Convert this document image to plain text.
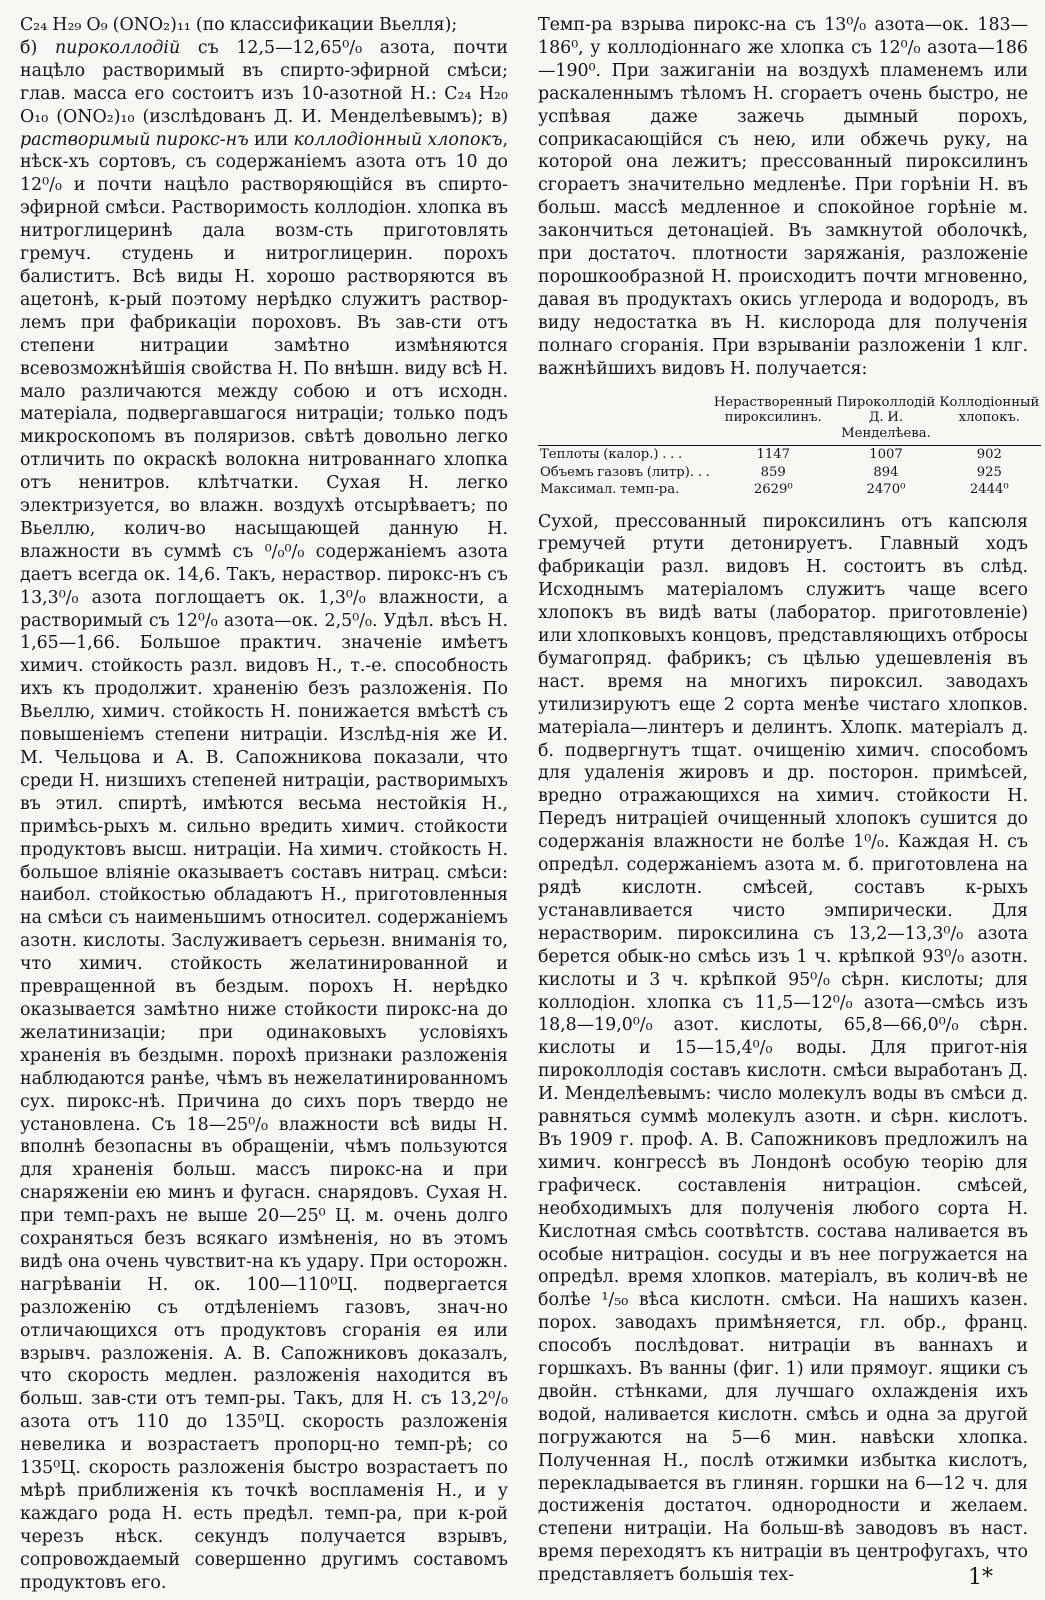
С₂₄ Н₂₉ О₉ (ONO₂)₁₁ (по классификации Вьелля);

б) пироколлодій съ 12,5—12,65⁰/₀ азота, почти нацѣло растворимый въ спирто-эфирной смѣси; глав. масса его состоитъ изъ 10-азотной Н.: С₂₄ Н₂₀ О₁₀ (ONO₂)₁₀ (изслѣдованъ Д. И. Менделѣевымъ); в) растворимый пирокс-нъ или коллодіонный хлопокъ, нѣск-хъ сортовъ, съ содержаніемъ азота отъ 10 до 12⁰/₀ и почти нацѣло растворяющійся въ спирто-эфирной смѣси. Растворимость коллодіон. хлопка въ нитроглицеринѣ дала возм-сть приготовлять гремуч. студень и нитроглицерин. порохъ балиститъ. Всѣ виды Н. хорошо растворяются въ ацетонѣ, к-рый поэтому нерѣдко служитъ раствор-лемъ при фабрикаціи пороховъ. Въ зав-сти отъ степени нитрации замѣтно измѣняются всевозможнѣйшія свойства Н. По внѣшн. виду всѣ Н. мало различаются между собою и отъ исходн. матеріала, подвергавшагося нитраціи; только подъ микроскопомъ въ поляризов. свѣтѣ довольно легко отличить по окраскѣ волокна нитрованнаго хлопка отъ ненитров. клѣтчатки. Сухая Н. легко электризуется, во влажн. воздухѣ отсырѣваетъ; по Вьеллю, колич-во насыщающей данную Н. влажности въ суммѣ съ ⁰/₀⁰/₀ содержаніемъ азота даетъ всегда ок. 14,6. Такъ, нераствор. пирокс-нъ съ 13,3⁰/₀ азота поглощаетъ ок. 1,3⁰/₀ влажности, а растворимый съ 12⁰/₀ азота—ок. 2,5⁰/₀. Удѣл. вѣсъ Н. 1,65—1,66. Большое практич. значеніе имѣетъ химич. стойкость разл. видовъ Н., т.-е. способность ихъ къ продолжит. храненію безъ разложенія. По Вьеллю, химич. стойкость Н. понижается вмѣстѣ съ повышеніемъ степени нитраціи. Изслѣд-нія же И. М. Чельцова и А. В. Сапожникова показали, что среди Н. низшихъ степеней нитраціи, растворимыхъ въ этил. спиртѣ, имѣются весьма нестойкія Н., примѣсь-рыхъ м. сильно вредить химич. стойкости продуктовъ высш. нитраціи. На химич. стойкость Н. большое вліяніе оказываетъ составъ нитрац. смѣси: наибол. стойкостью обладаютъ Н., приготовленныя на смѣси съ наименьшимъ относител. содержаніемъ азотн. кислоты. Заслуживаетъ серьезн. вниманія то, что химич. стойкость желатинированной и превращенной въ бездым. порохъ Н. нерѣдко оказывается замѣтно ниже стойкости пирокс-на до желатинизаціи; при одинаковыхъ условіяхъ храненія въ бездымн. порохѣ признаки разложенія наблюдаются ранѣе, чѣмъ въ нежелатинированномъ сух. пирокс-нѣ. Причина до сихъ поръ твердо не установлена. Съ 18—25⁰/₀ влажности всѣ виды Н. вполнѣ безопасны въ обращеніи, чѣмъ пользуются для храненія больш. массъ пирокс-на и при снаряженіи ею минъ и фугасн. снарядовъ. Сухая Н. при темп-рахъ не выше 20—25⁰ Ц. м. очень долго сохраняться безъ всякаго измѣненія, но въ этомъ видѣ она очень чувствит-на къ удару. При осторожн. нагрѣваніи Н. ок. 100—110⁰Ц. подвергается разложенію съ отдѣленіемъ газовъ, знач-но отличающихся отъ продуктовъ сгоранія ея или взрывч. разложенія. А. В. Сапожниковъ доказалъ, что скорость медлен. разложенія находится въ больш. зав-сти отъ темп-ры. Такъ, для Н. съ 13,2⁰/₀ азота отъ 110 до 135⁰Ц. скорость разложенія невелика и возрастаетъ пропорц-но темп-рѣ; со 135⁰Ц. скорость разложенія быстро возрастаетъ по мѣрѣ приближенія къ точкѣ воспламенія Н., и у каждаго рода Н. есть предѣл. темп-ра, при к-рой черезъ нѣск. секундъ получается взрывъ, сопровождаемый совершенно другимъ составомъ продуктовъ его.

Темп-ра взрыва пирокс-на съ 13⁰/₀ азота—ок. 183—186⁰, у коллодіоннаго же хлопка съ 12⁰/₀ азота—186—190⁰. При зажиганіи на воздухѣ пламенемъ или раскаленнымъ тѣломъ Н. сгораетъ очень быстро, не успѣвая даже зажечь дымный порохъ, соприкасающійся съ нею, или обжечь руку, на которой она лежитъ; прессованный пироксилинъ сгораетъ значительно медленѣе. При горѣніи Н. въ больш. массѣ медленное и спокойное горѣніе м. закончиться детонаціей. Въ замкнутой оболочкѣ, при достаточ. плотности заряжанія, разложеніе порошкообразной Н. происходитъ почти мгновенно, давая въ продуктахъ окись углерода и водородъ, въ виду недостатка въ Н. кислорода для полученія полнаго сгоранія. При взрываніи разложеніи 1 клг. важнѣйшихъ видовъ Н. получается:

	Нерастворенный пироксилинъ.	Пироколлодій Д. И. Менделѣева.	Коллодіонный хлопокъ.
Теплоты (калор.) . . .	1147	1007	902
Объемъ газовъ (литр). . .	859	894	925
Максимал. темп-ра.	2629⁰	2470⁰	2444⁰

Сухой, прессованный пироксилинъ отъ капсюля гремучей ртути детонируетъ. Главный ходъ фабрикаціи разл. видовъ Н. состоитъ въ слѣд. Исходнымъ матеріаломъ служитъ чаще всего хлопокъ въ видѣ ваты (лаборатор. приготовленіе) или хлопковыхъ концовъ, представляющихъ отбросы бумагопряд. фабрикъ; съ цѣлью удешевленія въ наст. время на многихъ пироксил. заводахъ утилизируютъ еще 2 сорта менѣе чистаго хлопков. матеріала—линтеръ и делинтъ. Хлопк. матеріалъ д. б. подвергнутъ тщат. очищенію химич. способомъ для удаленія жировъ и др. посторон. примѣсей, вредно отражающихся на химич. стойкости Н. Передъ нитраціей очищенный хлопокъ сушится до содержанія влажности не болѣе 1⁰/₀. Каждая Н. съ опредѣл. содержаніемъ азота м. б. приготовлена на рядѣ кислотн. смѣсей, составъ к-рыхъ устанавливается чисто эмпирически. Для нерастворим. пироксилина съ 13,2—13,3⁰/₀ азота берется обык-но смѣсь изъ 1 ч. крѣпкой 93⁰/₀ азотн. кислоты и 3 ч. крѣпкой 95⁰/₀ сѣрн. кислоты; для коллодіон. хлопка съ 11,5—12⁰/₀ азота—смѣсь изъ 18,8—19,0⁰/₀ азот. кислоты, 65,8—66,0⁰/₀ сѣрн. кислоты и 15—15,4⁰/₀ воды. Для пригот-нія пироколлодія составъ кислотн. смѣси выработанъ Д. И. Менделѣевымъ: число молекулъ воды въ смѣси д. равняться суммѣ молекулъ азотн. и сѣрн. кислотъ. Въ 1909 г. проф. А. В. Сапожниковъ предложилъ на химич. конгрессѣ въ Лондонѣ особую теорію для графическ. составленія нитраціон. смѣсей, необходимыхъ для полученія любого сорта Н. Кислотная смѣсь соотвѣтств. состава наливается въ особые нитраціон. сосуды и въ нее погружается на опредѣл. время хлопков. матеріалъ, въ колич-вѣ не болѣе ¹/₅₀ вѣса кислотн. смѣси. На нашихъ казен. порох. заводахъ примѣняется, гл. обр., франц. способъ послѣдоват. нитраціи въ ваннахъ и горшкахъ. Въ ванны (фиг. 1) или прямоуг. ящики съ двойн. стѣнками, для лучшаго охлажденія ихъ водой, наливается кислотн. смѣсь и одна за другой погружаются на 5—6 мин. навѣски хлопка. Полученная Н., послѣ отжимки избытка кислотъ, перекладывается въ глинян. горшки на 6—12 ч. для достиженія достаточ. однородности и желаем. степени нитраціи. На больш-вѣ заводовъ въ наст. время переходятъ къ нитраціи въ центрофугахъ, что представляетъ большія тех-	1*
